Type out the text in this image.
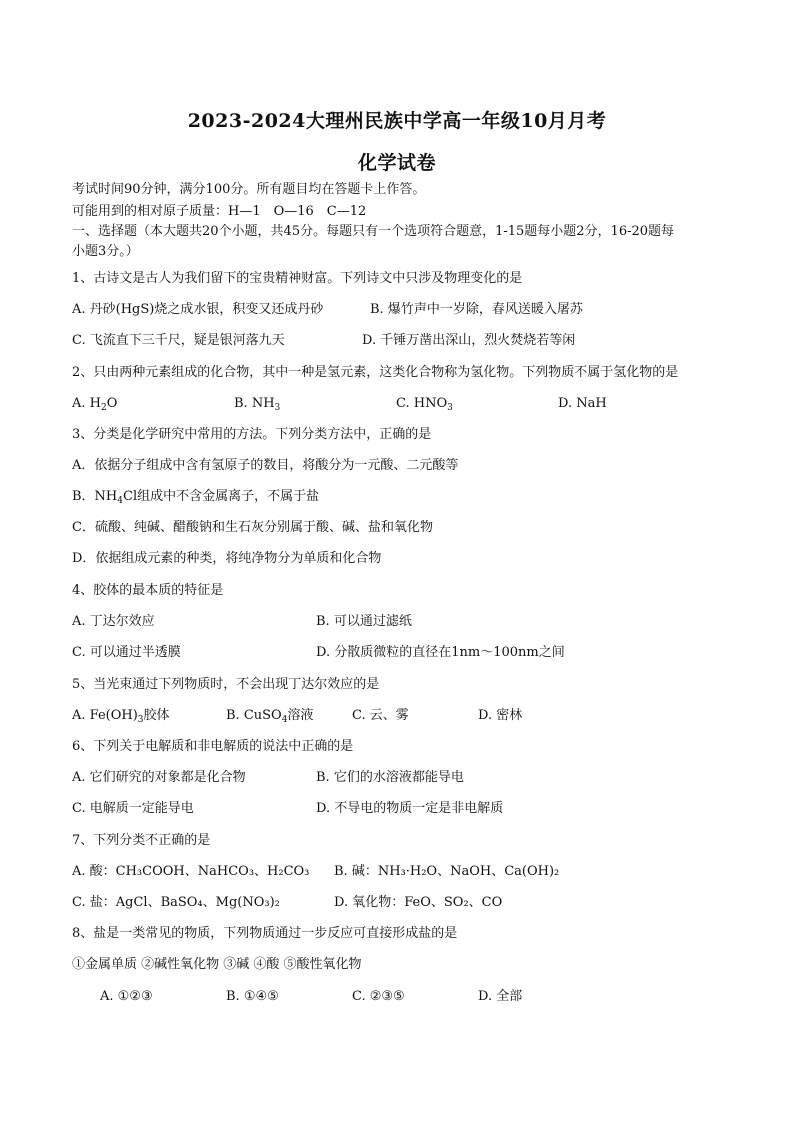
2023-2024大理州民族中学高一年级10月月考
化学试卷
考试时间90分钟，满分100分。所有题目均在答题卡上作答。
可能用到的相对原子质量：H—1　O—16　C—12
一、选择题（本大题共20个小题，共45分。每题只有一个选项符合题意，1-15题每小题2分，16-20题每
小题3分。）
1、古诗文是古人为我们留下的宝贵精神财富。下列诗文中只涉及物理变化的是
A. 丹砂(HgS)烧之成水银，积变又还成丹砂	B. 爆竹声中一岁除，春风送暖入屠苏
C. 飞流直下三千尺，疑是银河落九天	D. 千锤万凿出深山，烈火焚烧若等闲
2、只由两种元素组成的化合物，其中一种是氢元素，这类化合物称为氢化物。下列物质不属于氢化物的是
A. $H_2O$	B. $NH_3$	C. $HNO_3$	D. NaH
3、分类是化学研究中常用的方法。下列分类方法中，正确的是
A．依据分子组成中含有氢原子的数目，将酸分为一元酸、二元酸等
B．$NH_4Cl$组成中不含金属离子，不属于盐
C．硫酸、纯碱、醋酸钠和生石灰分别属于酸、碱、盐和氧化物
D．依据组成元素的种类，将纯净物分为单质和化合物
4、胶体的最本质的特征是
A. 丁达尔效应	B. 可以通过滤纸
C. 可以通过半透膜	D. 分散质微粒的直径在1nm～100nm之间
5、当光束通过下列物质时，不会出现丁达尔效应的是
A. $Fe(OH)_3$胶体	B. CuSO$_4$溶液	C. 云、雾	D. 密林
6、下列关于电解质和非电解质的说法中正确的是
A. 它们研究的对象都是化合物	B. 它们的水溶液都能导电
C. 电解质一定能导电	D. 不导电的物质一定是非电解质
7、下列分类不正确的是
A. 酸：CH₃COOH、NaHCO₃、H₂CO₃ B. 碱：NH₃·H₂O、NaOH、Ca(OH)₂
C. 盐：AgCl、BaSO₄、Mg(NO₃)₂	D. 氧化物：FeO、SO₂、CO
8、盐是一类常见的物质，下列物质通过一步反应可直接形成盐的是
①金属单质 ②碱性氧化物 ③碱 ④酸 ⑤酸性氧化物
A. ①②③	B. ①④⑤	C. ②③⑤	D. 全部
